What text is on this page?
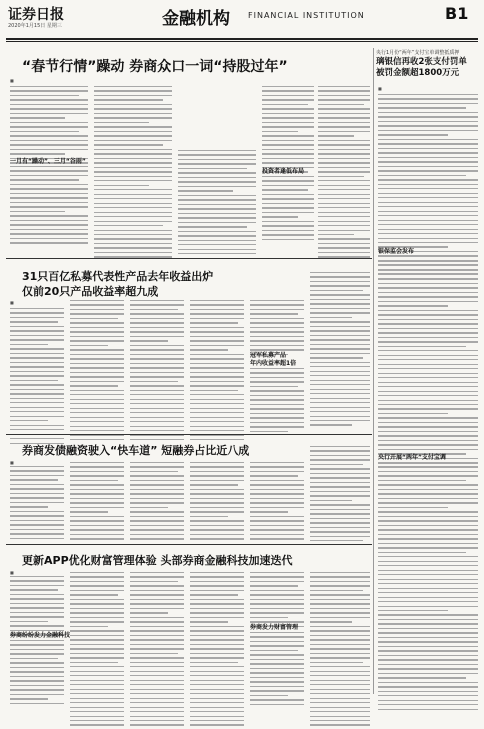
证券日报
2020年1月15日 星期三	金融机构 FINANCIAL INSTITUTION	B1
“春节行情”躁动 券商众口一词“持股过年”
■
一月有“躁动”、三月“谷雨”
投资者逢低布局
31只百亿私募代表性产品去年收益出炉
仅前20只产品收益率超九成
■
冠军私募产品
年内收益率超1倍
券商发债融资驶入“快车道” 短融券占比近八成
■
更新APP优化财富管理体验 头部券商金融科技加速迭代
■
券商纷纷发力金融科技
券商发力财富管理
央行1月份“两年”支付宝单调整抵质押
璃银信再收2张支付罚单 被罚金额超1800万元
■
银保监会发布
央行开展“两年”支付宝调
